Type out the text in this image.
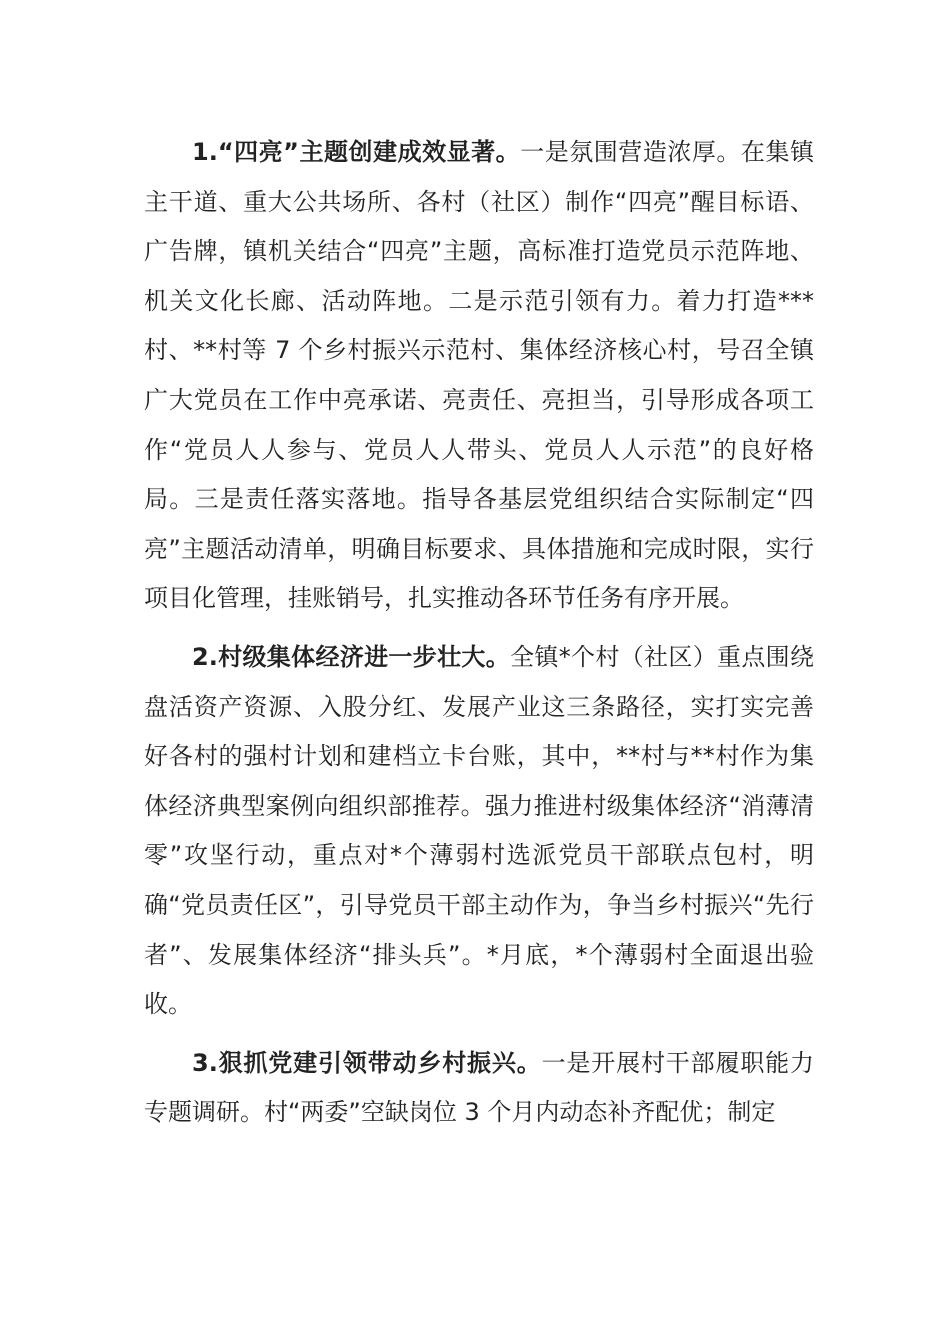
1.“四亮”主题创建成效显著。一是氛围营造浓厚。在集镇主干道、重大公共场所、各村（社区）制作“四亮”醒目标语、广告牌，镇机关结合“四亮”主题，高标准打造党员示范阵地、机关文化长廊、活动阵地。二是示范引领有力。着力打造***村、**村等 7 个乡村振兴示范村、集体经济核心村，号召全镇广大党员在工作中亮承诺、亮责任、亮担当，引导形成各项工作“党员人人参与、党员人人带头、党员人人示范”的良好格局。三是责任落实落地。指导各基层党组织结合实际制定“四亮”主题活动清单，明确目标要求、具体措施和完成时限，实行项目化管理，挂账销号，扎实推动各环节任务有序开展。

2.村级集体经济进一步壮大。全镇*个村（社区）重点围绕盘活资产资源、入股分红、发展产业这三条路径，实打实完善好各村的强村计划和建档立卡台账，其中，**村与**村作为集体经济典型案例向组织部推荐。强力推进村级集体经济“消薄清零”攻坚行动，重点对*个薄弱村选派党员干部联点包村，明确“党员责任区”，引导党员干部主动作为，争当乡村振兴“先行者”、发展集体经济“排头兵”。*月底，*个薄弱村全面退出验收。

3.狠抓党建引领带动乡村振兴。一是开展村干部履职能力专题调研。村“两委”空缺岗位 3 个月内动态补齐配优；制定
